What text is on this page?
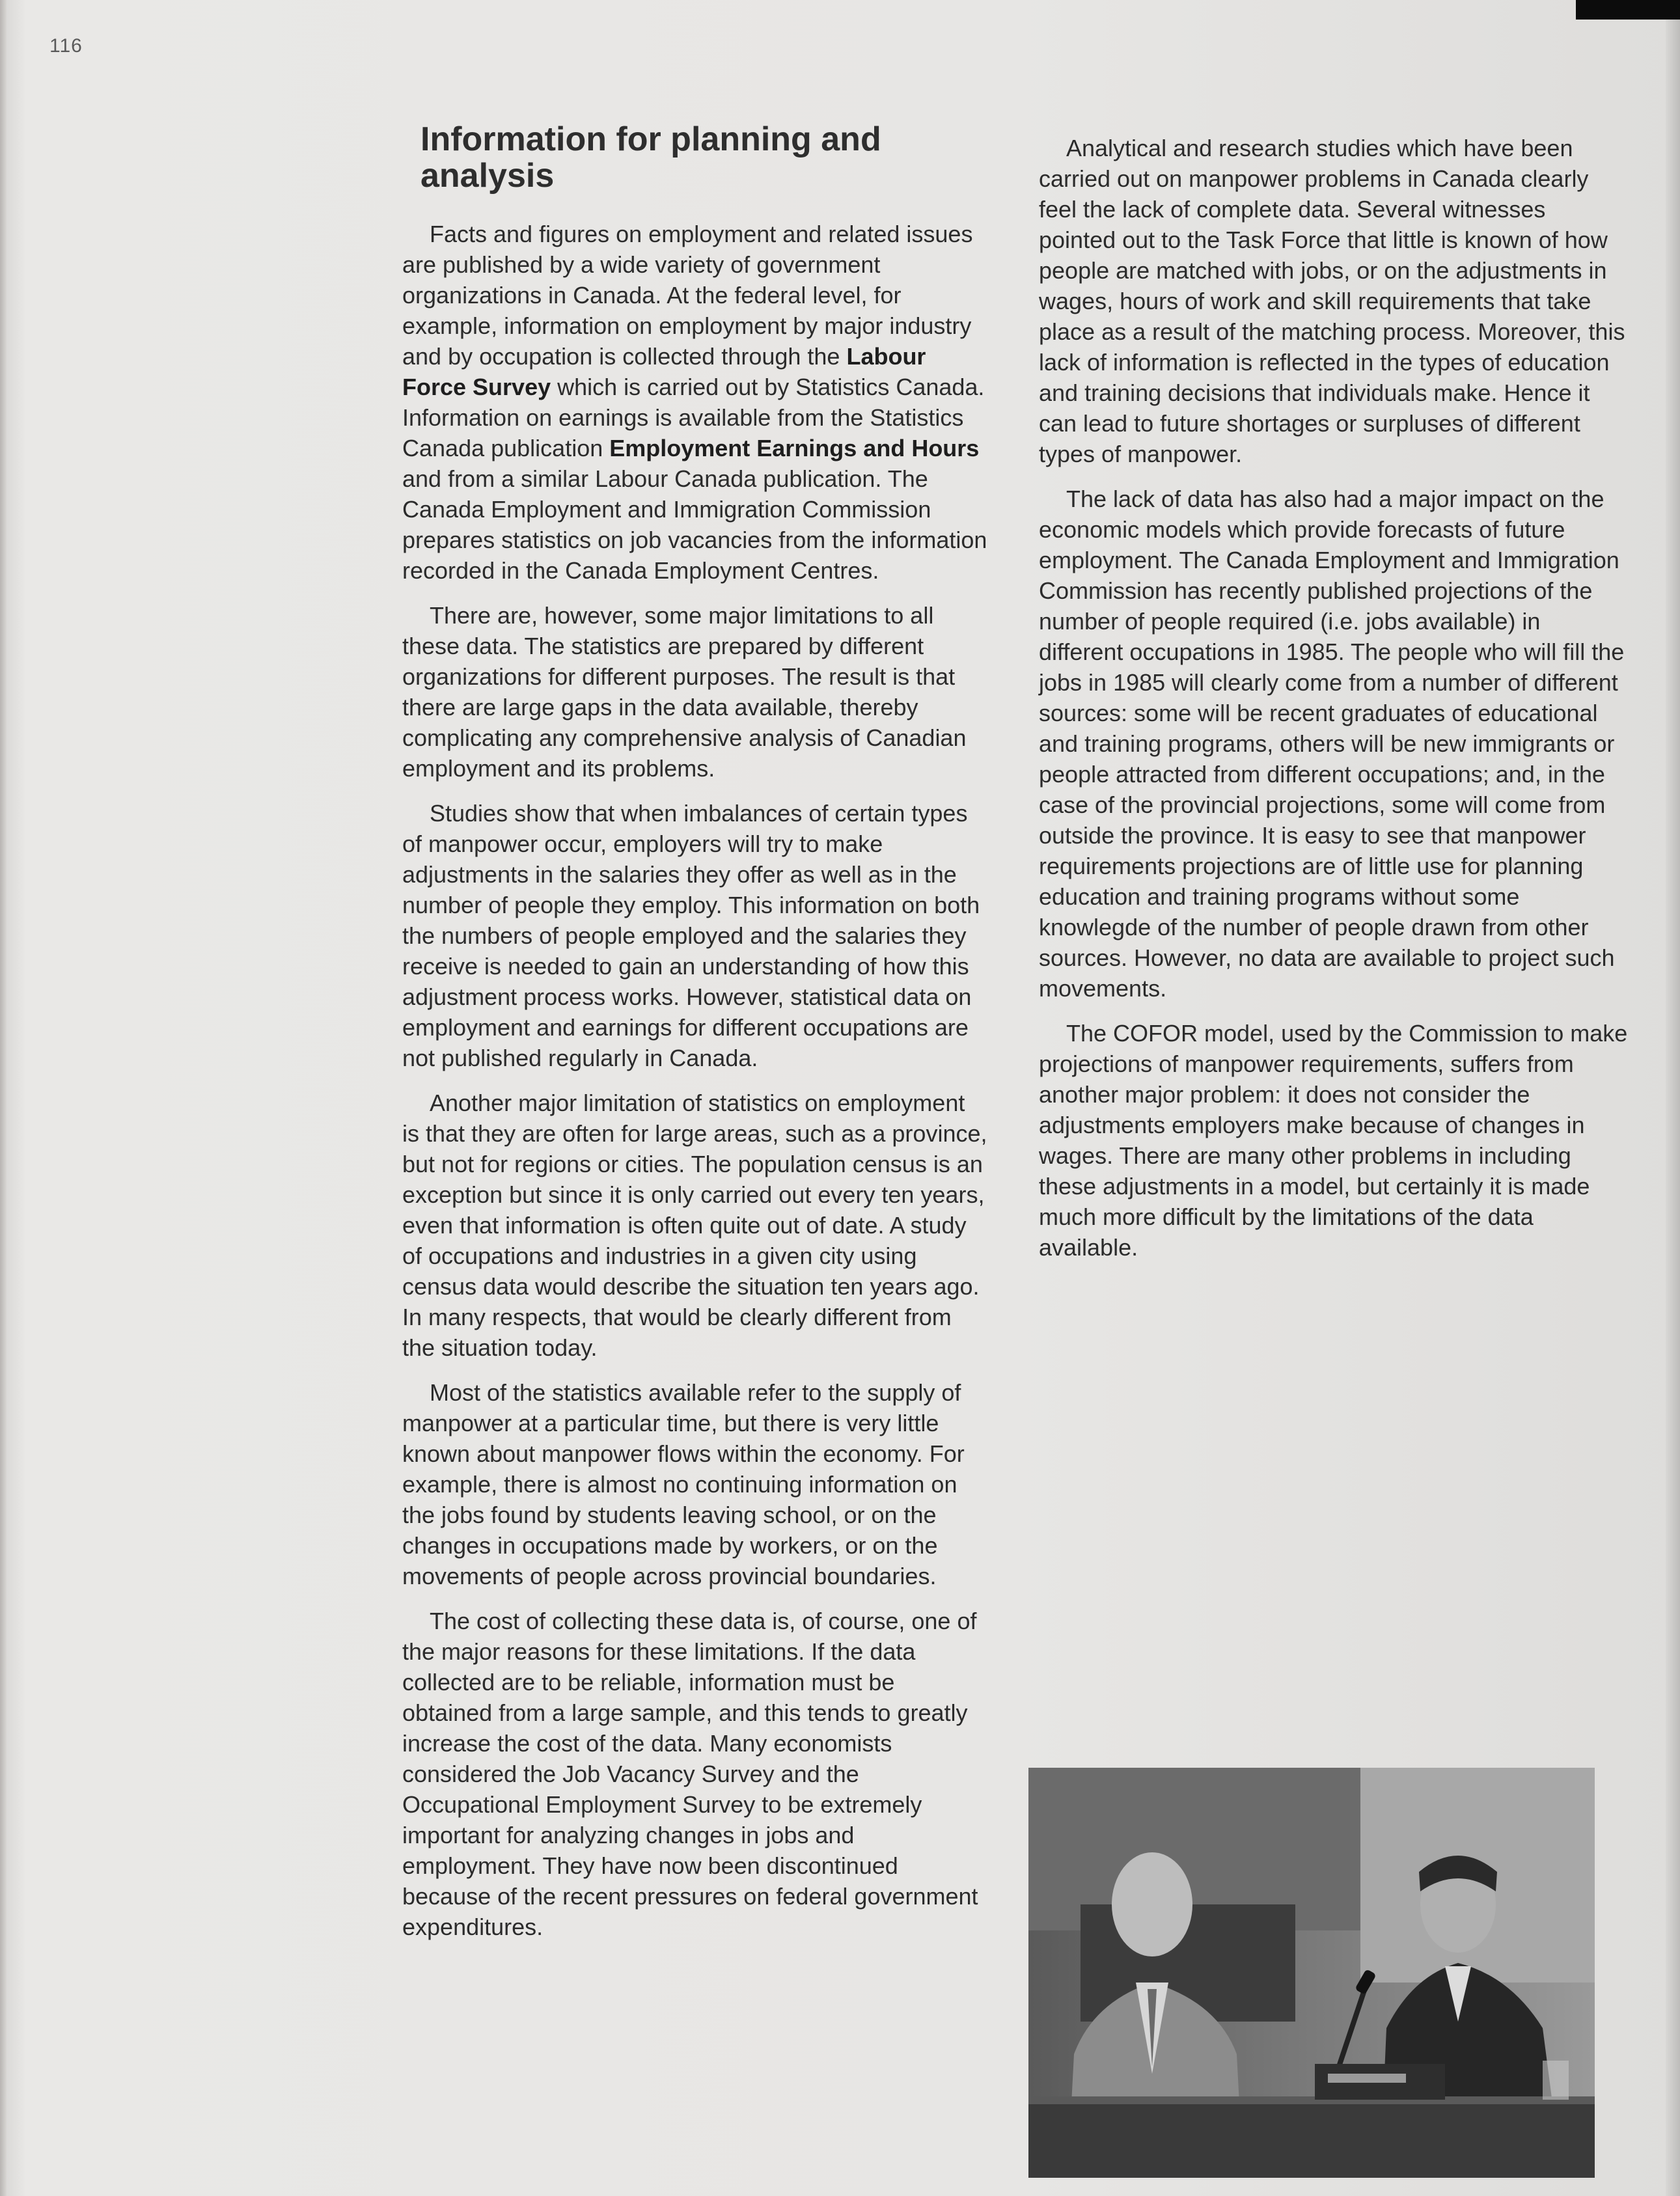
116
Information for planning and analysis

Facts and figures on employment and related issues are published by a wide variety of government organizations in Canada. At the federal level, for example, information on employment by major industry and by occupation is collected through the Labour Force Survey which is carried out by Statistics Canada. Information on earnings is available from the Statistics Canada publication Employment Earnings and Hours and from a similar Labour Canada publication. The Canada Employment and Immigration Commission prepares statistics on job vacancies from the information recorded in the Canada Employment Centres.

There are, however, some major limitations to all these data. The statistics are prepared by different organizations for different purposes. The result is that there are large gaps in the data available, thereby complicating any comprehensive analysis of Canadian employment and its problems.

Studies show that when imbalances of certain types of manpower occur, employers will try to make adjustments in the salaries they offer as well as in the number of people they employ. This information on both the numbers of people employed and the salaries they receive is needed to gain an understanding of how this adjustment process works. However, statistical data on employment and earnings for different occupations are not published regularly in Canada.

Another major limitation of statistics on employment is that they are often for large areas, such as a province, but not for regions or cities. The population census is an exception but since it is only carried out every ten years, even that information is often quite out of date. A study of occupations and industries in a given city using census data would describe the situation ten years ago. In many respects, that would be clearly different from the situation today.

Most of the statistics available refer to the supply of manpower at a particular time, but there is very little known about manpower flows within the economy. For example, there is almost no continuing information on the jobs found by students leaving school, or on the changes in occupations made by workers, or on the movements of people across provincial boundaries.

The cost of collecting these data is, of course, one of the major reasons for these limitations. If the data collected are to be reliable, information must be obtained from a large sample, and this tends to greatly increase the cost of the data. Many economists considered the Job Vacancy Survey and the Occupational Employment Survey to be extremely important for analyzing changes in jobs and employment. They have now been discontinued because of the recent pressures on federal government expenditures.

Analytical and research studies which have been carried out on manpower problems in Canada clearly feel the lack of complete data. Several witnesses pointed out to the Task Force that little is known of how people are matched with jobs, or on the adjustments in wages, hours of work and skill requirements that take place as a result of the matching process. Moreover, this lack of information is reflected in the types of education and training decisions that individuals make. Hence it can lead to future shortages or surpluses of different types of manpower.

The lack of data has also had a major impact on the economic models which provide forecasts of future employment. The Canada Employment and Immigration Commission has recently published projections of the number of people required (i.e. jobs available) in different occupations in 1985. The people who will fill the jobs in 1985 will clearly come from a number of different sources: some will be recent graduates of educational and training programs, others will be new immigrants or people attracted from different occupations; and, in the case of the provincial projections, some will come from outside the province. It is easy to see that manpower requirements projections are of little use for planning education and training programs without some knowlegde of the number of people drawn from other sources. However, no data are available to project such movements.

The COFOR model, used by the Commission to make projections of manpower requirements, suffers from another major problem: it does not consider the adjustments employers make because of changes in wages. There are many other problems in including these adjustments in a model, but certainly it is made much more difficult by the limitations of the data available.
